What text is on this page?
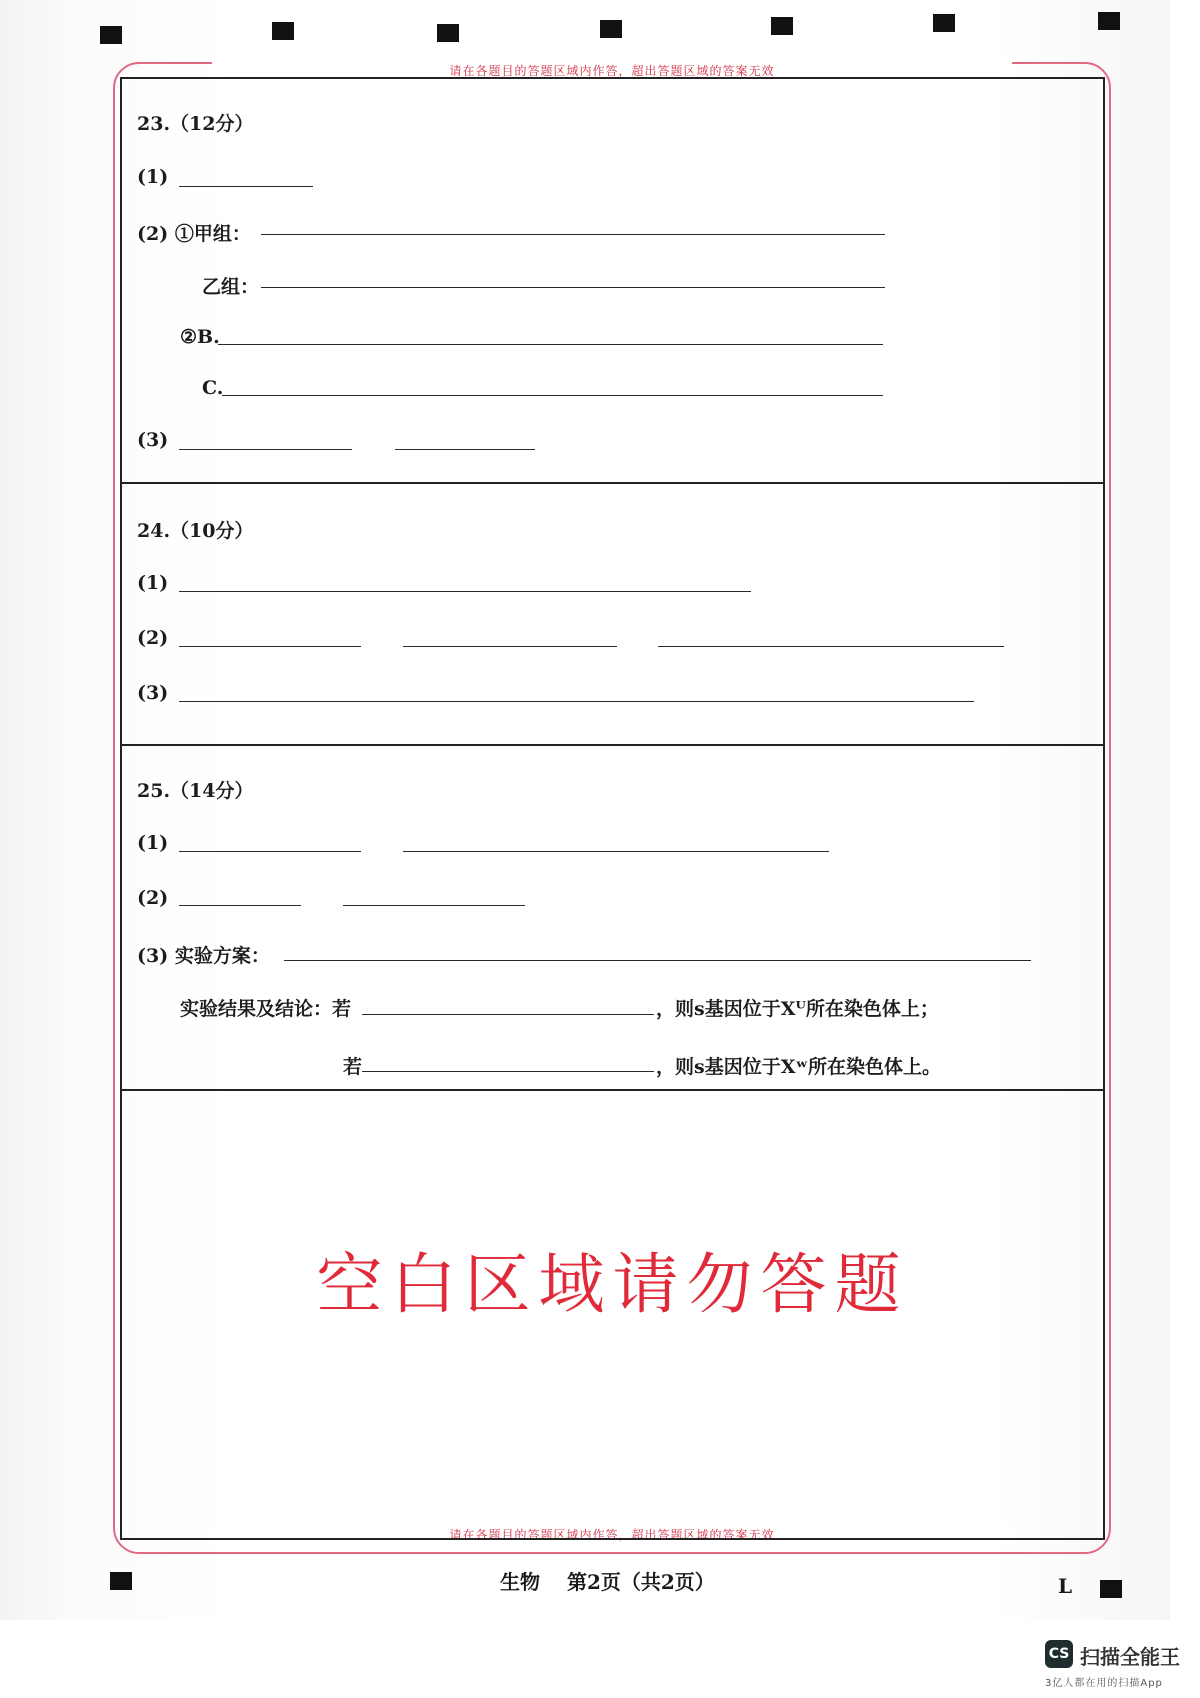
请在各题目的答题区域内作答，超出答题区域的答案无效
请在各题目的答题区域内作答，超出答题区域的答案无效
23.（12分）
(1)
(2) ①甲组：
乙组：
②B.
C.
(3)
24.（10分）
(1)
(2)
(3)
25.（14分）
(1)
(2)
(3) 实验方案：
实验结果及结论：若	，则s基因位于Xᵂ所在染色体上；
若	，则s基因位于Xʷ所在染色体上。
空白区域请勿答题
生物 第2页（共2页）	L
CS 扫描全能王
3亿人都在用的扫描App
